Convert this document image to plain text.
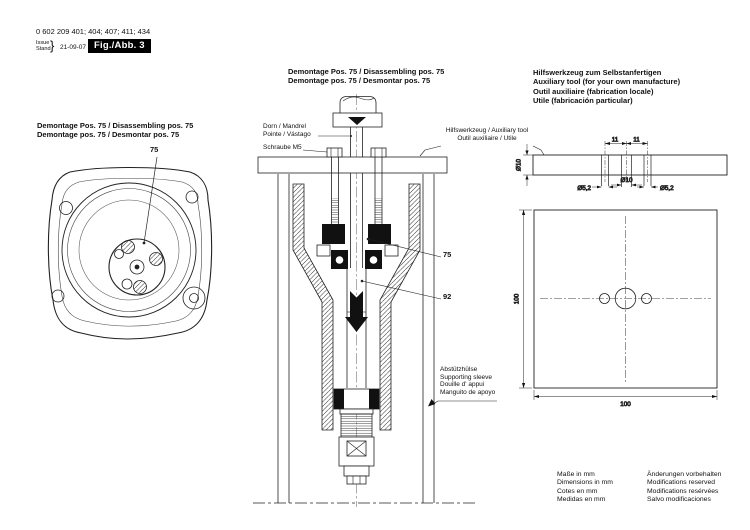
11 11
Ø10
Ø10
Ø5,2	Ø5,2
100
100
0 602 209 401; 404; 407; 411; 434
Issue
Stand } 21-09-07 Fig./Abb. 3
Demontage Pos. 75 / Disassembling pos. 75
Demontage pos. 75 / Desmontar pos. 75
75
Demontage Pos. 75 / Disassembling pos. 75
Demontage pos. 75 / Desmontar pos. 75
Dorn / Mandrel
Pointe / Vástago
Schraube M5
Hilfswerkzeug / Auxiliary tool
Outil auxiliaire / Utile
75
92
Abstützhülse
Supporting sleeve
Douille d' appui
Manguito de apoyo
Hilfswerkzeug zum Selbstanfertigen
Auxiliary tool (for your own manufacture)
Outil auxiliaire (fabrication locale)
Utile (fabricación particular)
Maße in mm
Dimensions in mm
Cotes en mm
Medidas en mm
Änderungen vorbehalten
Modifications reserved
Modifications resérvées
Salvo modificaciones
